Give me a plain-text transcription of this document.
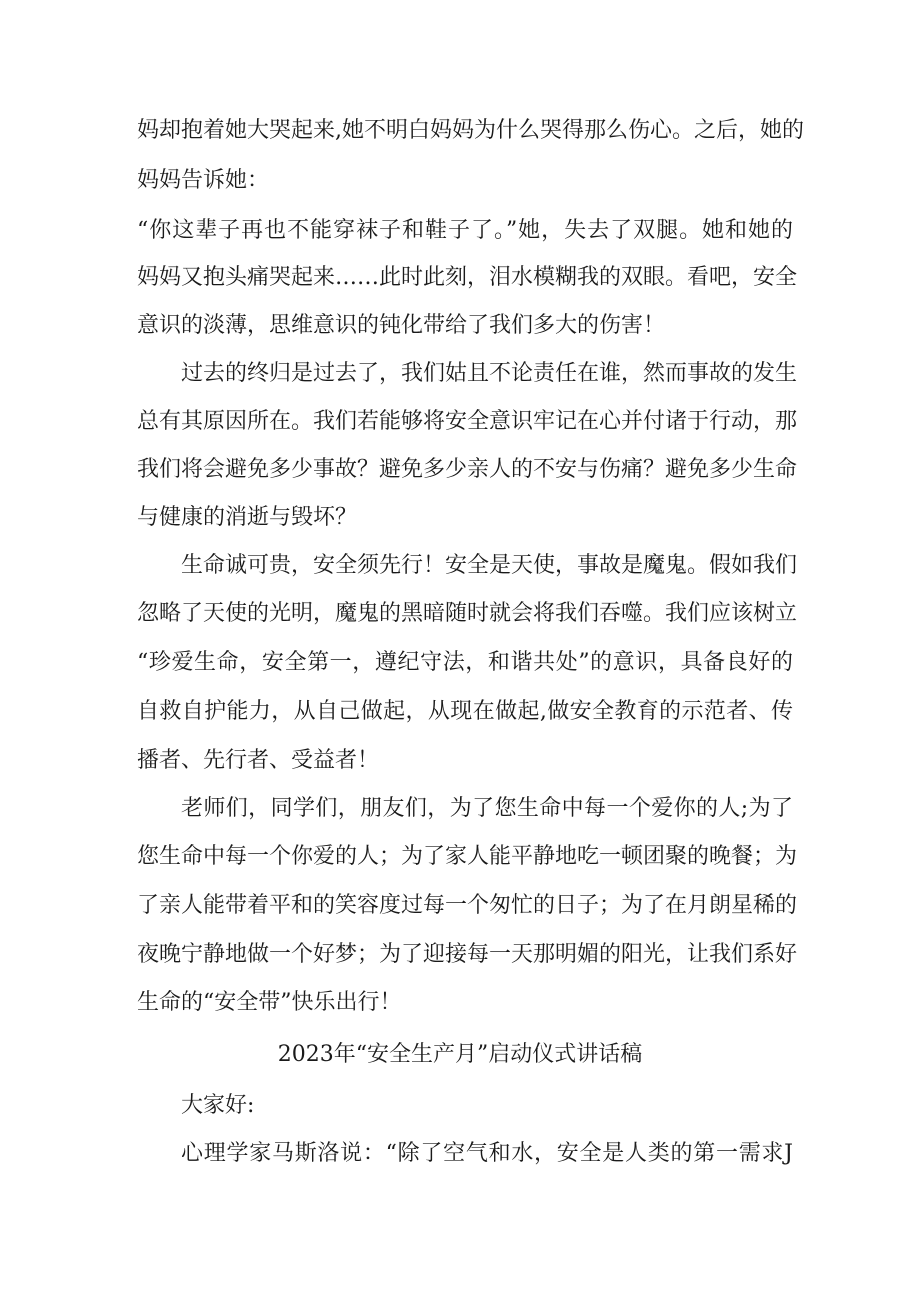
妈却抱着她大哭起来,她不明白妈妈为什么哭得那么伤心。之后，她的

妈妈告诉她：

“你这辈子再也不能穿袜子和鞋子了。”她，失去了双腿。她和她的

妈妈又抱头痛哭起来……此时此刻，泪水模糊我的双眼。看吧，安全

意识的淡薄，思维意识的钝化带给了我们多大的伤害！

过去的终归是过去了，我们姑且不论责任在谁，然而事故的发生

总有其原因所在。我们若能够将安全意识牢记在心并付诸于行动，那

我们将会避免多少事故？避免多少亲人的不安与伤痛？避免多少生命

与健康的消逝与毁坏？

生命诚可贵，安全须先行！安全是天使，事故是魔鬼。假如我们

忽略了天使的光明，魔鬼的黑暗随时就会将我们吞噬。我们应该树立

“珍爱生命，安全第一，遵纪守法，和谐共处”的意识，具备良好的

自救自护能力，从自己做起，从现在做起,做安全教育的示范者、传

播者、先行者、受益者！

老师们，同学们，朋友们，为了您生命中每一个爱你的人;为了

您生命中每一个你爱的人；为了家人能平静地吃一顿团聚的晚餐；为

了亲人能带着平和的笑容度过每一个匆忙的日子；为了在月朗星稀的

夜晚宁静地做一个好梦；为了迎接每一天那明媚的阳光，让我们系好

生命的“安全带”快乐出行！

2023年“安全生产月”启动仪式讲话稿

大家好:

心理学家马斯洛说：“除了空气和水，安全是人类的第一需求J
